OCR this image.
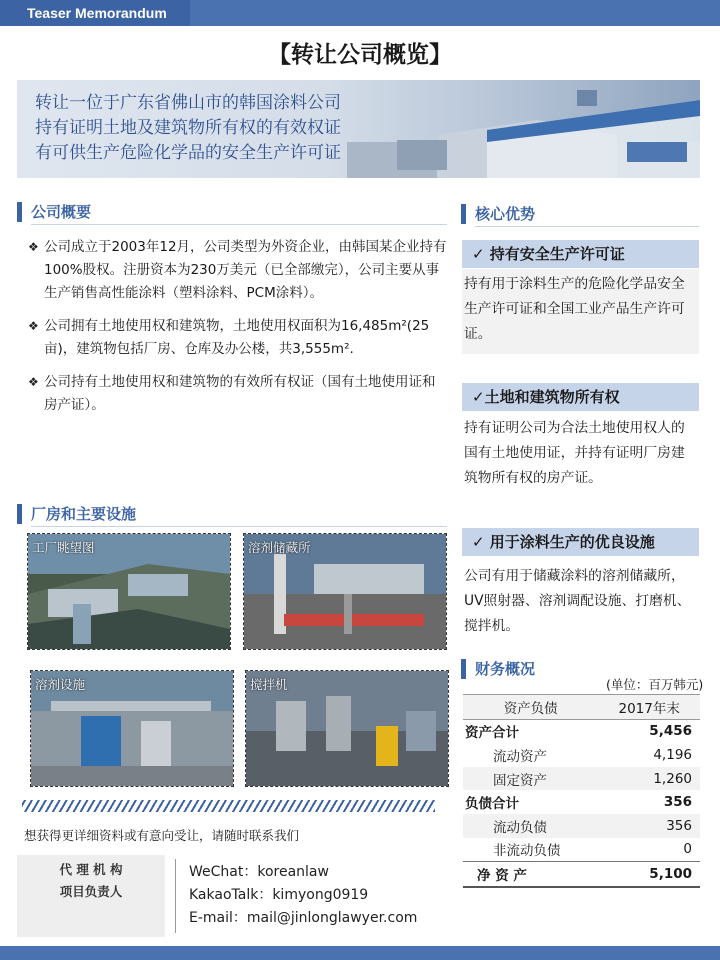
Teaser Memorandum
【转让公司概览】
转让一位于广东省佛山市的韩国涂料公司
持有证明土地及建筑物所有权的有效权证
有可供生产危险化学品的安全生产许可证
公司概要
❖ 公司成立于2003年12月，公司类型为外资企业，由韩国某企业持有100%股权。注册资本为230万美元（已全部缴完），公司主要从事生产销售高性能涂料（塑料涂料、PCM涂料）。
❖ 公司拥有土地使用权和建筑物，土地使用权面积为16,485m²(25亩)，建筑物包括厂房、仓库及办公楼，共3,555m².
❖ 公司持有土地使用权和建筑物的有效所有权证（国有土地使用证和房产证）。
厂房和主要设施
工厂眺望图	溶剂储藏所
溶剂设施	搅拌机
想获得更详细资料或有意向受让，请随时联系我们
代 理 机 构
项目负责人
WeChat：koreanlaw
KakaoTalk：kimyong0919
E-mail：mail@jinlonglawyer.com
核心优势
✓ 持有安全生产许可证
持有用于涂料生产的危险化学品安全生产许可证和全国工业产品生产许可证。
✓土地和建筑物所有权
持有证明公司为合法土地使用权人的国有土地使用证，并持有证明厂房建筑物所有权的房产证。
✓ 用于涂料生产的优良设施
公司有用于储藏涂料的溶剂储藏所，UV照射器、溶剂调配设施、打磨机、搅拌机。
财务概况
(单位：百万韩元)
资产负债	2017年末
资产合计	5,456
流动资产	4,196
固定资产	1,260
负债合计	356
流动负债	356
非流动负债	0
净 资 产	5,100
